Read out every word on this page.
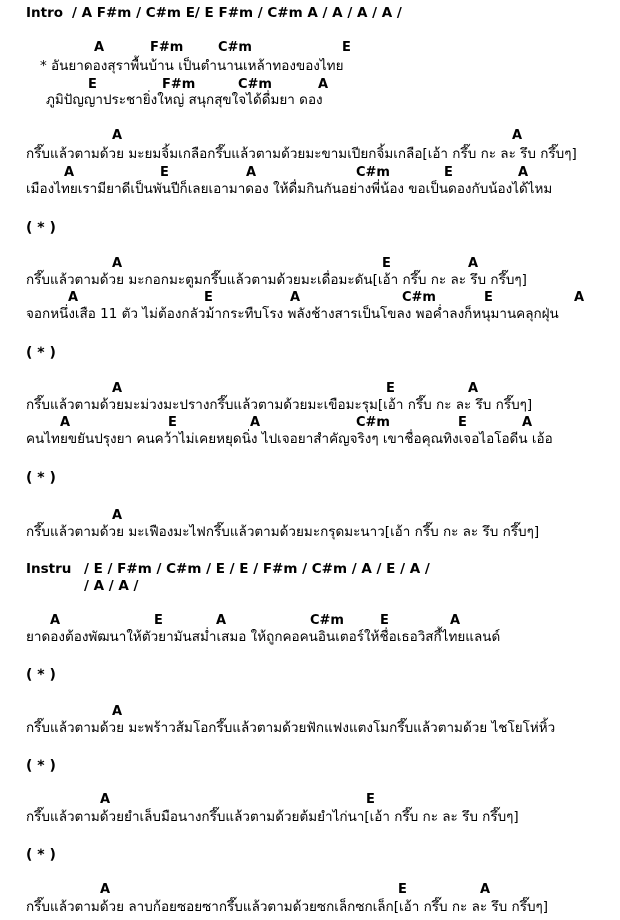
Intro / A F#m / C#m E/ E F#m / C#m A / A / A / A /
A	F#m	C#m	E
* อันยาดองสุราพื้นบ้าน เป็นตำนานเหล้าทองของไทย
E	F#m	C#m	A
ภูมิปัญญาประชายิ่งใหญ่ สนุกสุขใจได้ดื่มยา ดอง
A	A
กรึ๊บแล้วตามด้วย มะยมจิ้มเกลือกรึ๊บแล้วตามด้วยมะขามเปียกจิ้มเกลือ[เอ้า กรึ๊บ กะ ละ รึบ กรึ๊บๆ]
A	E	A	C#m	E	A
เมืองไทยเรามียาดีเป็นพันปีก็เลยเอามาดอง ให้ดื่มกินกันอย่างพี่น้อง ขอเป็นดองกับน้องได้ไหม
A	E	A
กรึ๊บแล้วตามด้วย มะกอกมะตูมกรึ๊บแล้วตามด้วยมะเดื่อมะดัน[เอ้า กรึ๊บ กะ ละ รึบ กรึ๊บๆ]
A	E	A	C#m	E	A
จอกหนึ่งเสือ 11 ตัว ไม่ต้องกลัวม้ากระทืบโรง พลังช้างสารเป็นโขลง พอค่ำลงก็หนุมานคลุกฝุ่น
A	E	A
กรึ๊บแล้วตามด้วยมะม่วงมะปรางกรึ๊บแล้วตามด้วยมะเขือมะรุม[เอ้า กรึ๊บ กะ ละ รึบ กรึ๊บๆ]
A	E	A	C#m	E	A
คนไทยขยันปรุงยา คนคว้าไม่เคยหยุดนิ่ง ไปเจอยาสำคัญจริงๆ เขาชื่อคุณทิงเจอไอโอดีน เอ้อ
A
กรึ๊บแล้วตามด้วย มะเฟืองมะไฟกรึ๊บแล้วตามด้วยมะกรุดมะนาว[เอ้า กรึ๊บ กะ ละ รึบ กรึ๊บๆ]
A	E	A	C#m	E	A
ยาดองต้องพัฒนาให้ตัวยามันสม่ำเสมอ ให้ถูกคอคนอินเตอร์ให้ชื่อเธอวิสกี้ไทยแลนด์
A
กรึ๊บแล้วตามด้วย มะพร้าวส้มโอกรึ๊บแล้วตามด้วยฟักแฟงแตงโมกรึ๊บแล้วตามด้วย ไชโยโห่หิ้ว
A	E
กรึ๊บแล้วตามด้วยยำเล็บมือนางกรึ๊บแล้วตามด้วยต้มยำไก่นา[เอ้า กรึ๊บ กะ ละ รึบ กรึ๊บๆ]
A	E	A
กรึ๊บแล้วตามด้วย ลาบก้อยซอยซากรึ๊บแล้วตามด้วยซกเล็กซกเล็ก[เอ้า กรึ๊บ กะ ละ รึบ กรึ๊บๆ]
( * )
( * )
( * )
( * )
( * )
( * )
Instru / E / F#m / C#m / E / E / F#m / C#m / A / E / A /
/ A / A /
